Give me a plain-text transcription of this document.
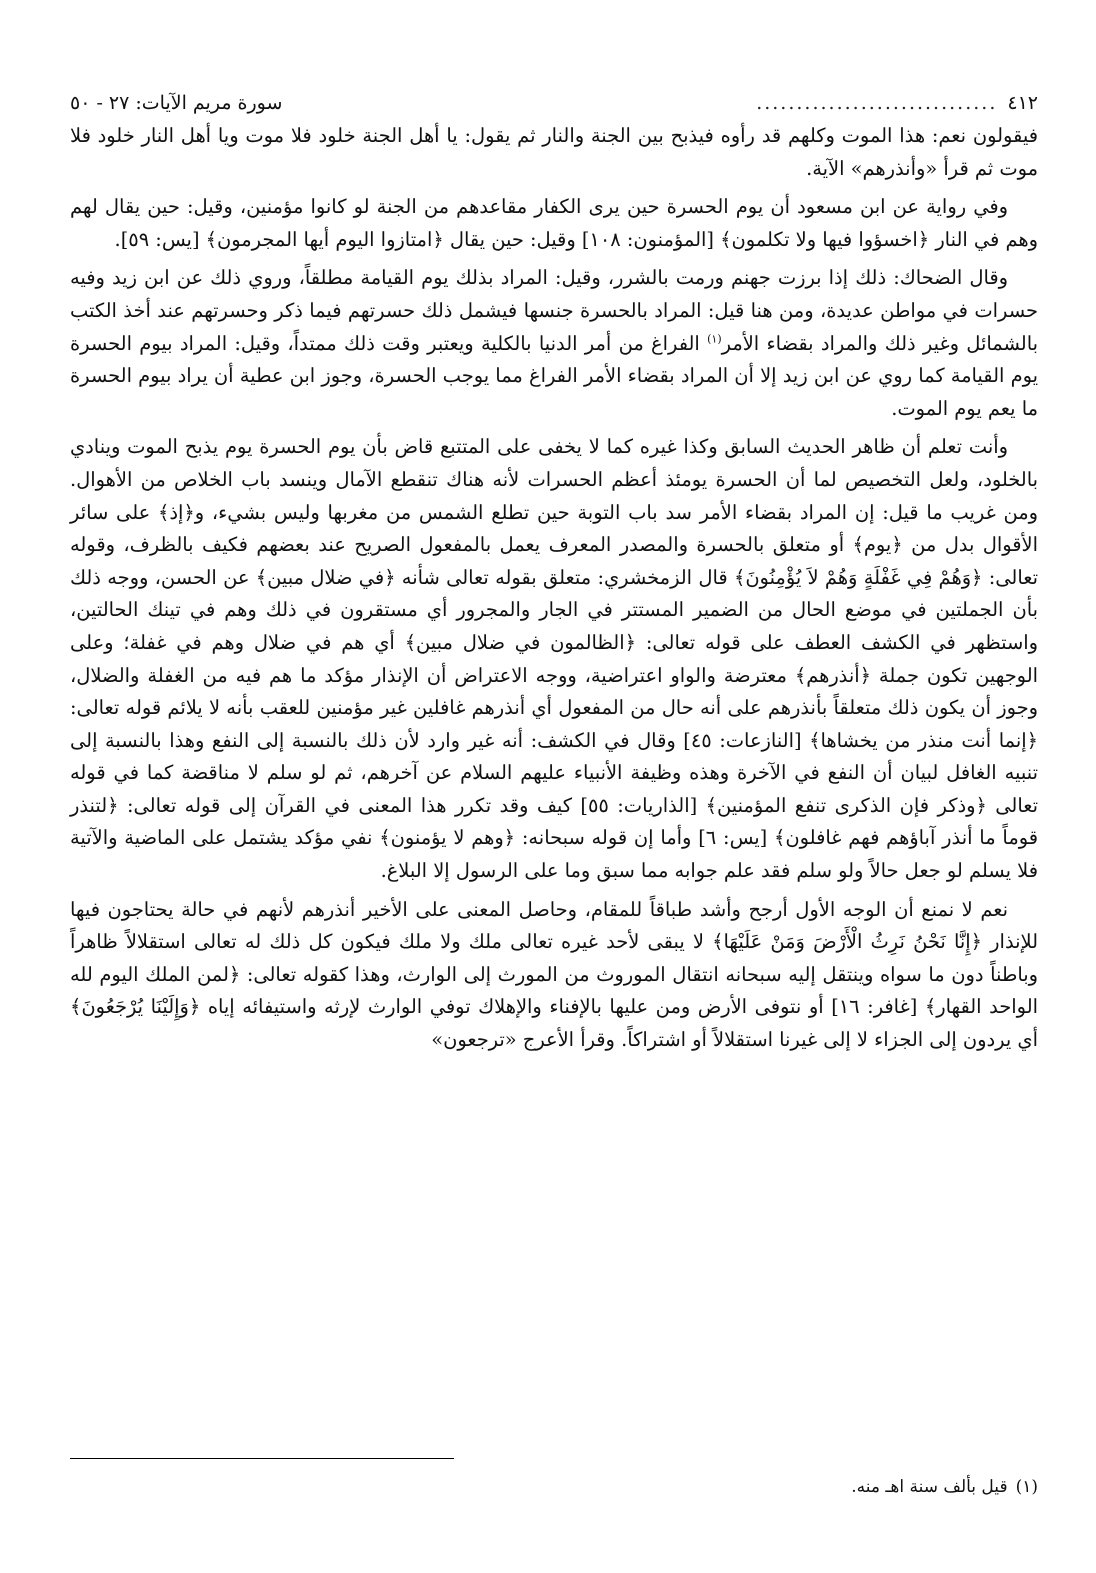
٤١٢
..............................
سورة مريم الآيات: ٢٧ - ٥٠

فيقولون نعم: هذا الموت وكلهم قد رأوه فيذبح بين الجنة والنار ثم يقول: يا أهل الجنة خلود فلا موت ويا أهل النار خلود فلا موت ثم قرأ «وأنذرهم» الآية.

وفي رواية عن ابن مسعود أن يوم الحسرة حين يرى الكفار مقاعدهم من الجنة لو كانوا مؤمنين، وقيل: حين يقال لهم وهم في النار ﴿اخسؤوا فيها ولا تكلمون﴾ [المؤمنون: ١٠٨] وقيل: حين يقال ﴿امتازوا اليوم أيها المجرمون﴾ [يس: ٥٩].

وقال الضحاك: ذلك إذا برزت جهنم ورمت بالشرر، وقيل: المراد بذلك يوم القيامة مطلقاً، وروي ذلك عن ابن زيد وفيه حسرات في مواطن عديدة، ومن هنا قيل: المراد بالحسرة جنسها فيشمل ذلك حسرتهم فيما ذكر وحسرتهم عند أخذ الكتب بالشمائل وغير ذلك والمراد بقضاء الأمر$^{(١)}$ الفراغ من أمر الدنيا بالكلية ويعتبر وقت ذلك ممتداً، وقيل: المراد بيوم الحسرة يوم القيامة كما روي عن ابن زيد إلا أن المراد بقضاء الأمر الفراغ مما يوجب الحسرة، وجوز ابن عطية أن يراد بيوم الحسرة ما يعم يوم الموت.

وأنت تعلم أن ظاهر الحديث السابق وكذا غيره كما لا يخفى على المتتبع قاض بأن يوم الحسرة يوم يذبح الموت وينادي بالخلود، ولعل التخصيص لما أن الحسرة يومئذ أعظم الحسرات لأنه هناك تنقطع الآمال وينسد باب الخلاص من الأهوال. ومن غريب ما قيل: إن المراد بقضاء الأمر سد باب التوبة حين تطلع الشمس من مغربها وليس بشيء، و﴿إذ﴾ على سائر الأقوال بدل من ﴿يوم﴾ أو متعلق بالحسرة والمصدر المعرف يعمل بالمفعول الصريح عند بعضهم فكيف بالظرف، وقوله تعالى: ﴿وَهُمْ فِي غَفْلَةٍ وَهُمْ لاَ يُؤْمِنُونَ﴾ قال الزمخشري: متعلق بقوله تعالى شأنه ﴿في ضلال مبين﴾ عن الحسن، ووجه ذلك بأن الجملتين في موضع الحال من الضمير المستتر في الجار والمجرور أي مستقرون في ذلك وهم في تينك الحالتين، واستظهر في الكشف العطف على قوله تعالى: ﴿الظالمون في ضلال مبين﴾ أي هم في ضلال وهم في غفلة؛ وعلى الوجهين تكون جملة ﴿أنذرهم﴾ معترضة والواو اعتراضية، ووجه الاعتراض أن الإنذار مؤكد ما هم فيه من الغفلة والضلال، وجوز أن يكون ذلك متعلقاً بأنذرهم على أنه حال من المفعول أي أنذرهم غافلين غير مؤمنين للعقب بأنه لا يلائم قوله تعالى: ﴿إنما أنت منذر من يخشاها﴾ [النازعات: ٤٥] وقال في الكشف: أنه غير وارد لأن ذلك بالنسبة إلى النفع وهذا بالنسبة إلى تنبيه الغافل لبيان أن النفع في الآخرة وهذه وظيفة الأنبياء عليهم السلام عن آخرهم، ثم لو سلم لا مناقضة كما في قوله تعالى ﴿وذكر فإن الذكرى تنفع المؤمنين﴾ [الذاريات: ٥٥] كيف وقد تكرر هذا المعنى في القرآن إلى قوله تعالى: ﴿لتنذر قوماً ما أنذر آباؤهم فهم غافلون﴾ [يس: ٦] وأما إن قوله سبحانه: ﴿وهم لا يؤمنون﴾ نفي مؤكد يشتمل على الماضية والآتية فلا يسلم لو جعل حالاً ولو سلم فقد علم جوابه مما سبق وما على الرسول إلا البلاغ.

نعم لا نمنع أن الوجه الأول أرجح وأشد طباقاً للمقام، وحاصل المعنى على الأخير أنذرهم لأنهم في حالة يحتاجون فيها للإنذار ﴿إِنَّا نَحْنُ نَرِثُ الْأَرْضَ وَمَنْ عَلَيْهَا﴾ لا يبقى لأحد غيره تعالى ملك ولا ملك فيكون كل ذلك له تعالى استقلالاً ظاهراً وباطناً دون ما سواه وينتقل إليه سبحانه انتقال الموروث من المورث إلى الوارث، وهذا كقوله تعالى: ﴿لمن الملك اليوم لله الواحد القهار﴾ [غافر: ١٦] أو نتوفى الأرض ومن عليها بالإفناء والإهلاك توفي الوارث لإرثه واستيفائه إياه ﴿وَإِلَيْنَا يُرْجَعُونَ﴾ أي يردون إلى الجزاء لا إلى غيرنا استقلالاً أو اشتراكاً. وقرأ الأعرج «ترجعون»

(١)
قيل بألف سنة اهـ منه.
